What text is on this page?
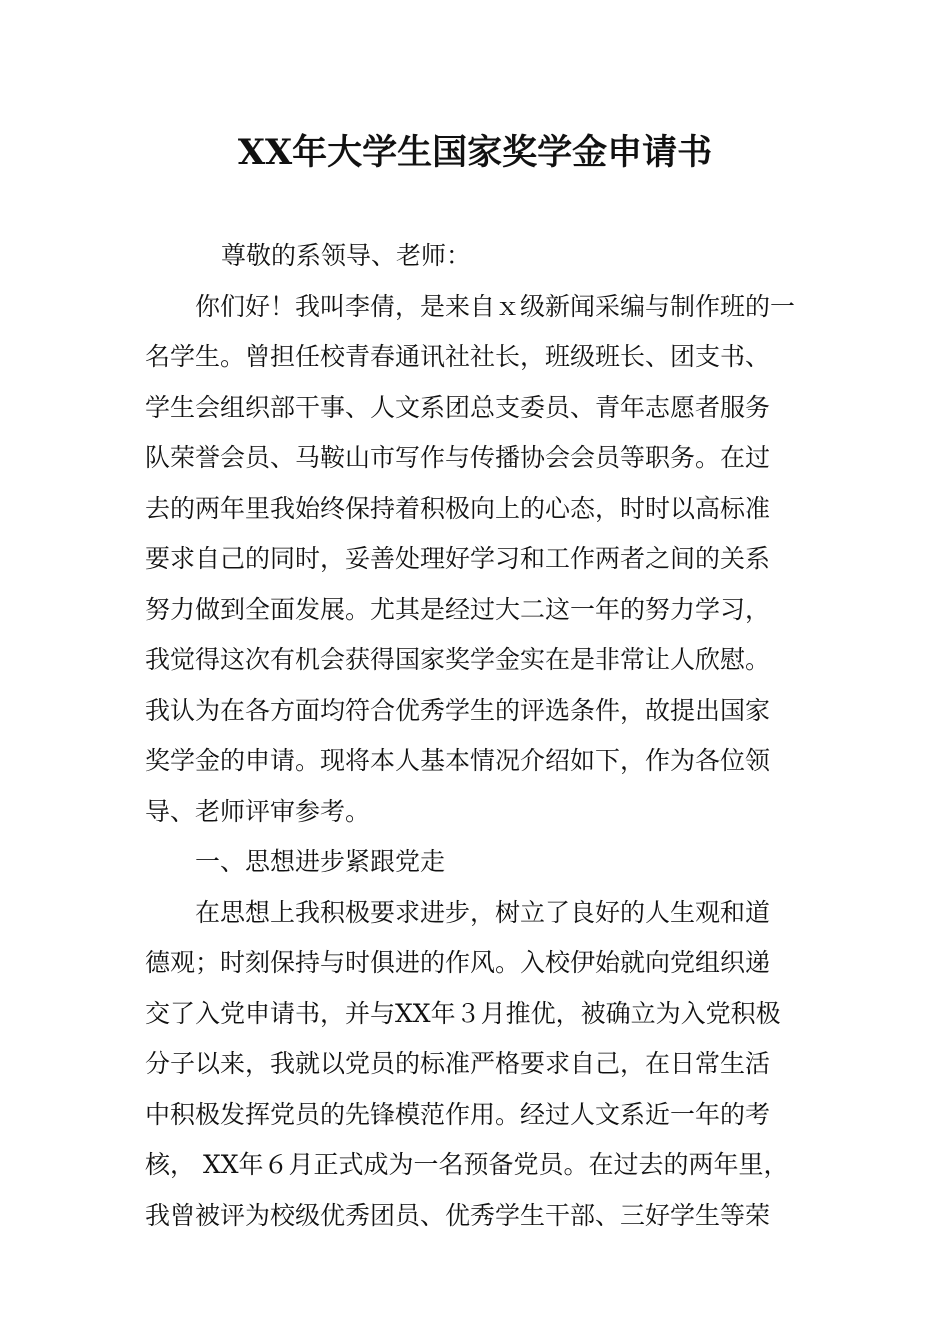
XX年大学生国家奖学金申请书
尊敬的系领导、老师：
你们好！我叫李倩，是来自ｘ级新闻采编与制作班的一
名学生。曾担任校青春通讯社社长，班级班长、团支书、
学生会组织部干事、人文系团总支委员、青年志愿者服务
队荣誉会员、马鞍山市写作与传播协会会员等职务。在过
去的两年里我始终保持着积极向上的心态，时时以高标准
要求自己的同时，妥善处理好学习和工作两者之间的关系
努力做到全面发展。尤其是经过大二这一年的努力学习，
我觉得这次有机会获得国家奖学金实在是非常让人欣慰。
我认为在各方面均符合优秀学生的评选条件，故提出国家
奖学金的申请。现将本人基本情况介绍如下，作为各位领
导、老师评审参考。
一、思想进步紧跟党走
在思想上我积极要求进步，树立了良好的人生观和道
德观；时刻保持与时俱进的作风。入校伊始就向党组织递
交了入党申请书，并与XX年３月推优，被确立为入党积极
分子以来，我就以党员的标准严格要求自己，在日常生活
中积极发挥党员的先锋模范作用。经过人文系近一年的考
核， XX年６月正式成为一名预备党员。在过去的两年里，
我曾被评为校级优秀团员、优秀学生干部、三好学生等荣
